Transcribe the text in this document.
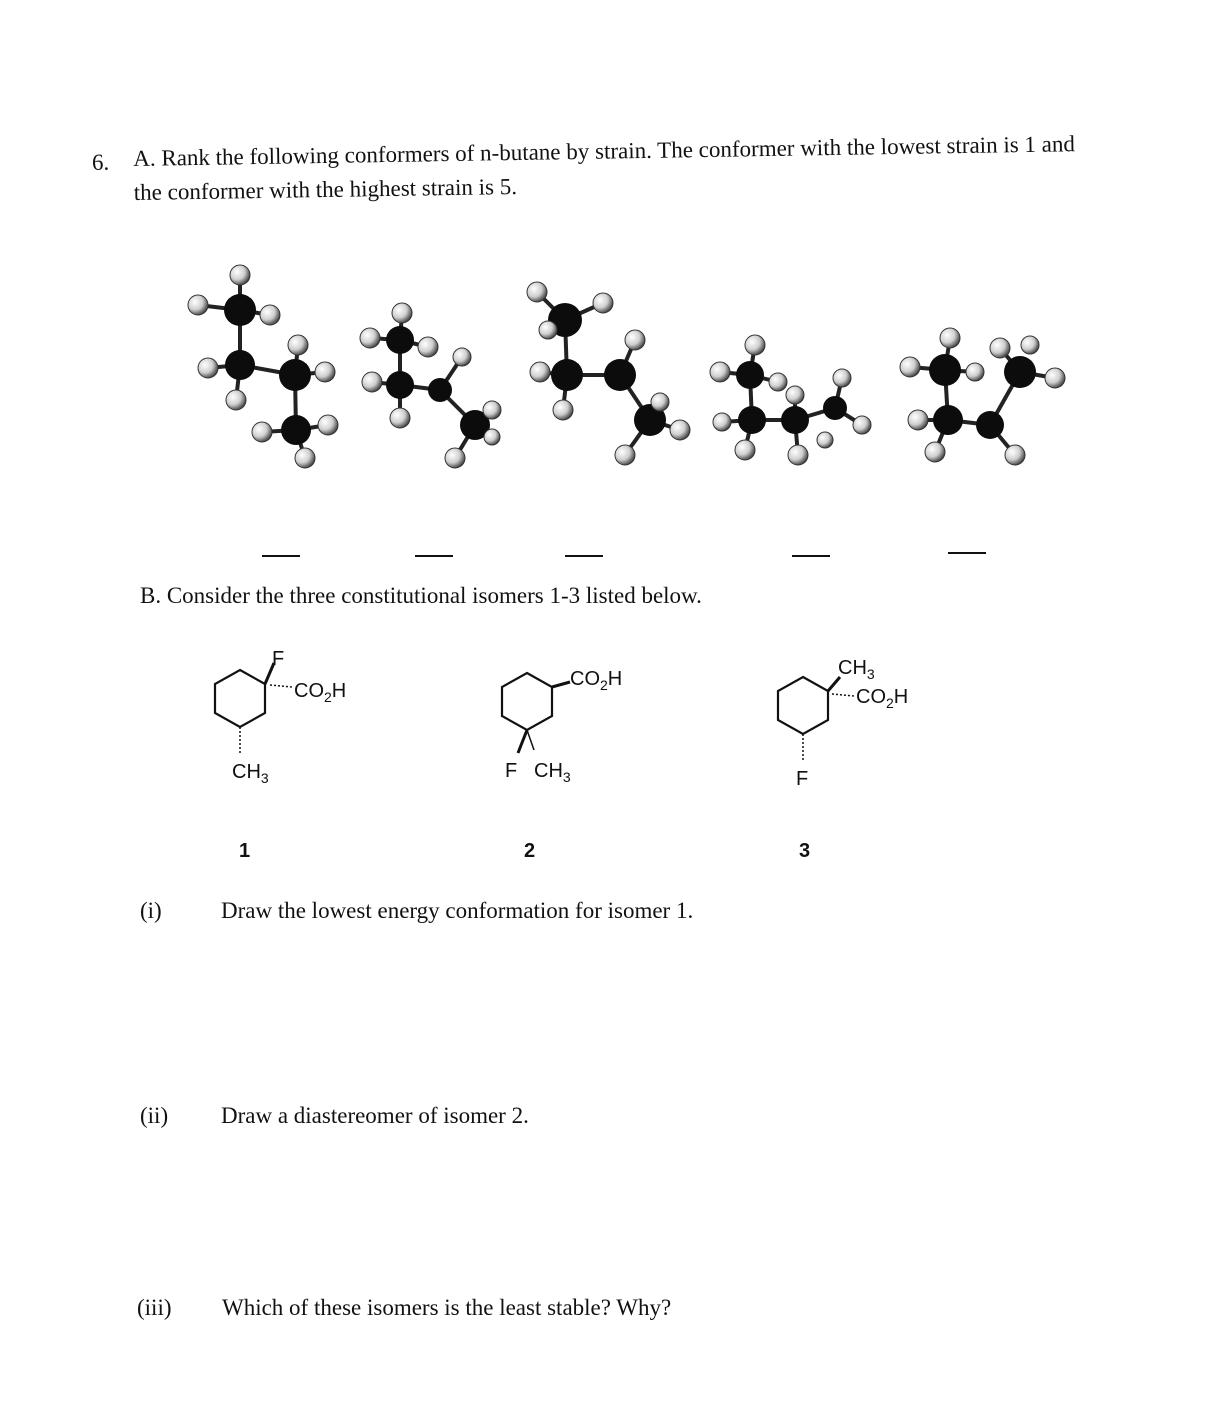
6. A. Rank the following conformers of n-butane by strain. The conformer with the lowest strain is 1 and the conformer with the highest strain is 5.
B. Consider the three constitutional isomers 1-3 listed below.
F
$CO_2H$
$CH_3$
1
$CO_2H$
F $CH_3$
2
$CH_3$
$CO_2H$
F
3
(i)	Draw the lowest energy conformation for isomer 1.
(ii) Draw a diastereomer of isomer 2.
(iii) Which of these isomers is the least stable? Why?
